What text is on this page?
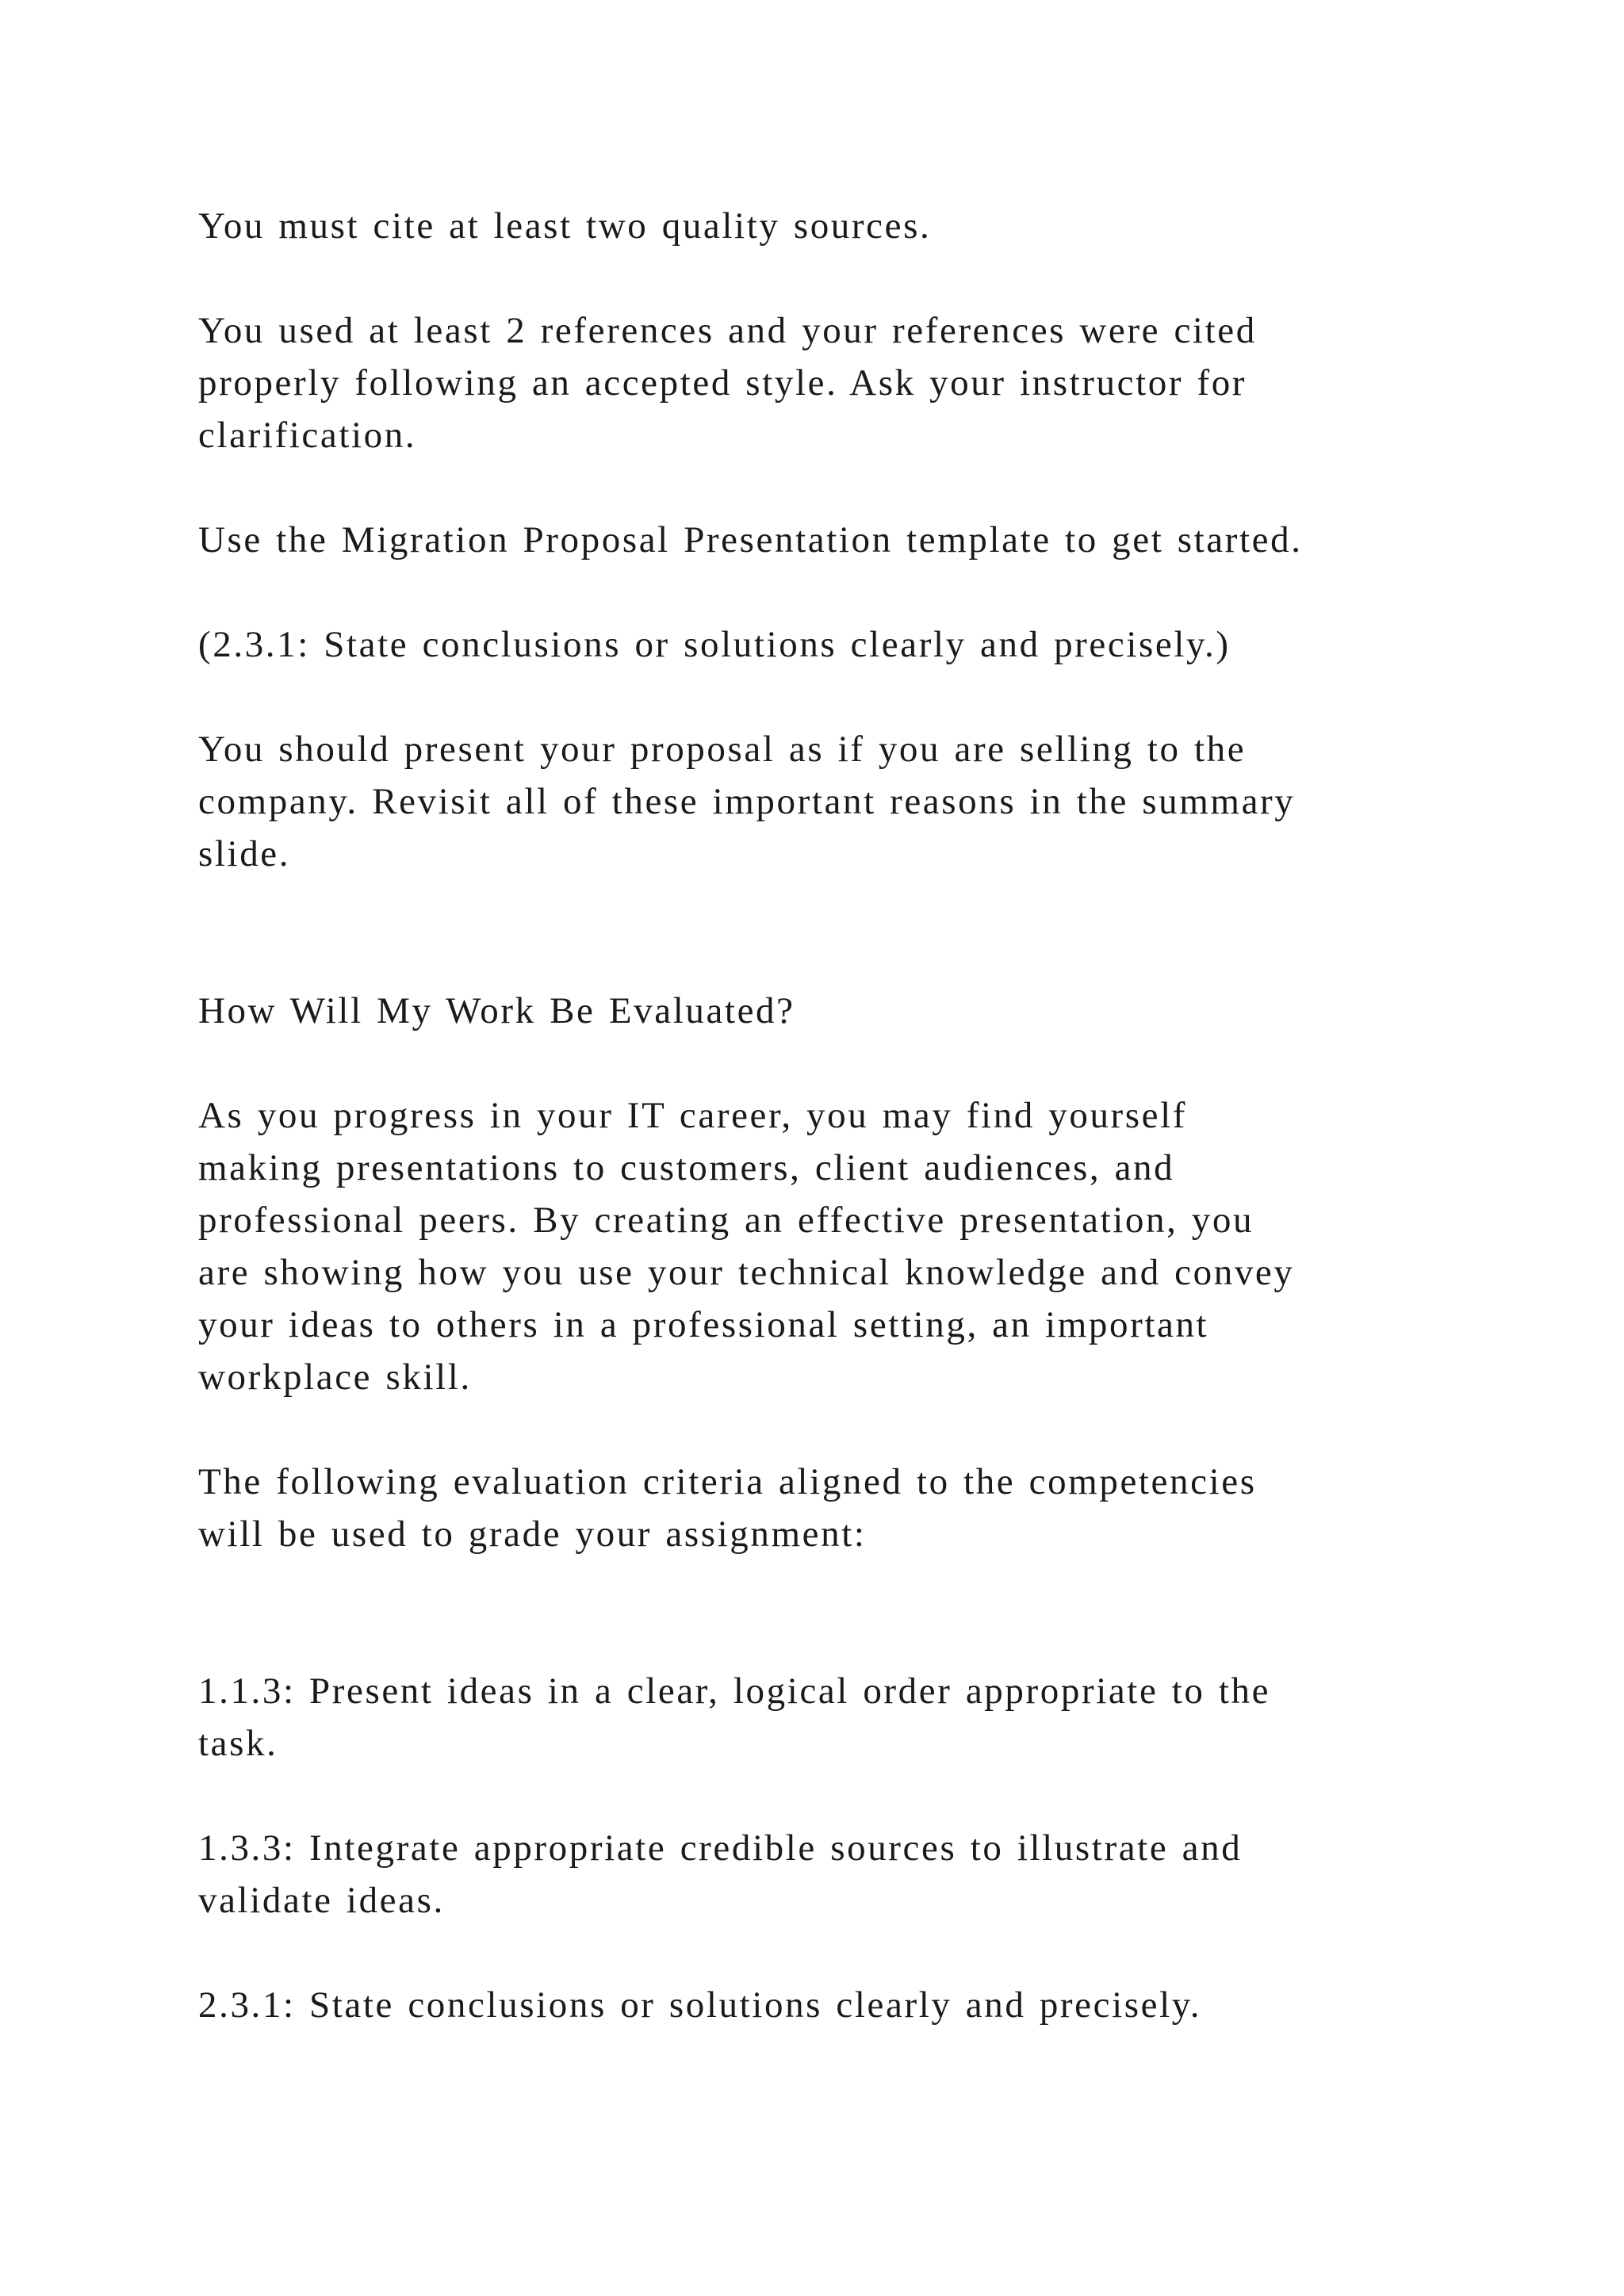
You must cite at least two quality sources.

You used at least 2 references and your references were cited
properly following an accepted style. Ask your instructor for
clarification.

Use the Migration Proposal Presentation template to get started.

(2.3.1: State conclusions or solutions clearly and precisely.)

You should present your proposal as if you are selling to the
company. Revisit all of these important reasons in the summary
slide.

How Will My Work Be Evaluated?

As you progress in your IT career, you may find yourself
making presentations to customers, client audiences, and
professional peers. By creating an effective presentation, you
are showing how you use your technical knowledge and convey
your ideas to others in a professional setting, an important
workplace skill.

The following evaluation criteria aligned to the competencies
will be used to grade your assignment:

1.1.3: Present ideas in a clear, logical order appropriate to the
task.

1.3.3: Integrate appropriate credible sources to illustrate and
validate ideas.

2.3.1: State conclusions or solutions clearly and precisely.
